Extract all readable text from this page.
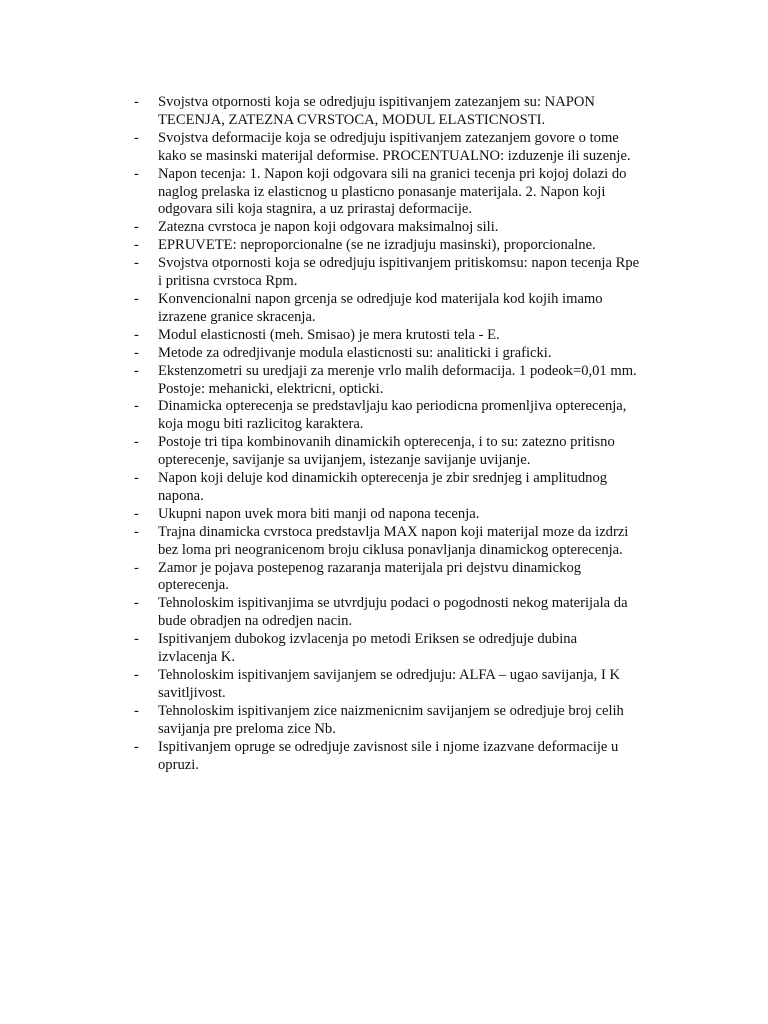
- Svojstva otpornosti koja se odredjuju ispitivanjem zatezanjem su: NAPON
TECENJA, ZATEZNA CVRSTOCA, MODUL ELASTICNOSTI.
- Svojstva deformacije koja se odredjuju ispitivanjem zatezanjem govore o tome
kako se masinski materijal deformise. PROCENTUALNO: izduzenje ili suzenje.
- Napon tecenja: 1. Napon koji odgovara sili na granici tecenja pri kojoj dolazi do
naglog prelaska iz elasticnog u plasticno ponasanje materijala. 2. Napon koji
odgovara sili koja stagnira, a uz prirastaj deformacije.
- Zatezna cvrstoca je napon koji odgovara maksimalnoj sili.
- EPRUVETE: neproporcionalne (se ne izradjuju masinski), proporcionalne.
- Svojstva otpornosti koja se odredjuju ispitivanjem pritiskomsu: napon tecenja Rpe
i pritisna cvrstoca Rpm.
- Konvencionalni napon grcenja se odredjuje kod materijala kod kojih imamo
izrazene granice skracenja.
- Modul elasticnosti (meh. Smisao) je mera krutosti tela - E.
- Metode za odredjivanje modula elasticnosti su: analiticki i graficki.
- Ekstenzometri su uredjaji za merenje vrlo malih deformacija. 1 podeok=0,01 mm.
Postoje: mehanicki, elektricni, opticki.
- Dinamicka opterecenja se predstavljaju kao periodicna promenljiva opterecenja,
koja mogu biti razlicitog karaktera.
- Postoje tri tipa kombinovanih dinamickih opterecenja, i to su: zatezno pritisno
opterecenje, savijanje sa uvijanjem, istezanje savijanje uvijanje.
- Napon koji deluje kod dinamickih opterecenja je zbir srednjeg i amplitudnog
napona.
- Ukupni napon uvek mora biti manji od napona tecenja.
- Trajna dinamicka cvrstoca predstavlja MAX napon koji materijal moze da izdrzi
bez loma pri neogranicenom broju ciklusa ponavljanja dinamickog opterecenja.
- Zamor je pojava postepenog razaranja materijala pri dejstvu dinamickog
opterecenja.
- Tehnoloskim ispitivanjima se utvrdjuju podaci o pogodnosti nekog materijala da
bude obradjen na odredjen nacin.
- Ispitivanjem dubokog izvlacenja po metodi Eriksen se odredjuje dubina
izvlacenja K.
- Tehnoloskim ispitivanjem savijanjem se odredjuju: ALFA – ugao savijanja, I K
savitljivost.
- Tehnoloskim ispitivanjem zice naizmenicnim savijanjem se odredjuje broj celih
savijanja pre preloma zice Nb.
- Ispitivanjem opruge se odredjuje zavisnost sile i njome izazvane deformacije u
opruzi.
